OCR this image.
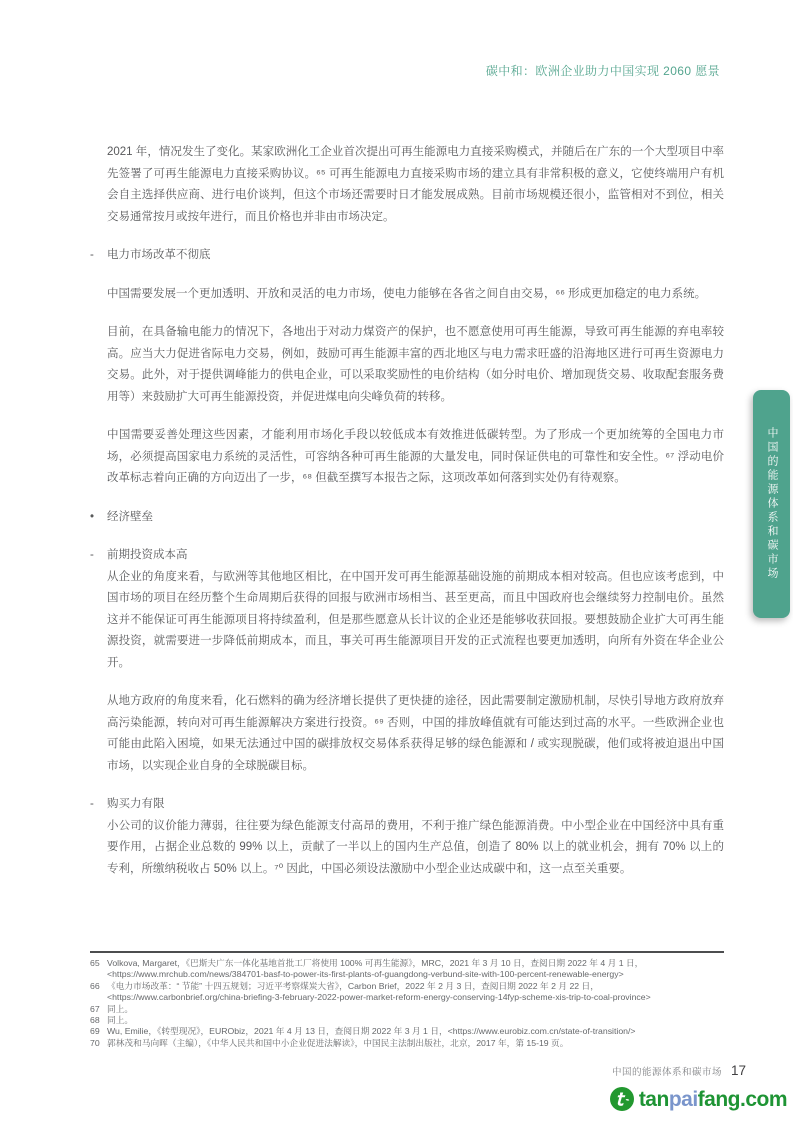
碳中和：欧洲企业助力中国实现 2060 愿景
2021 年，情况发生了变化。某家欧洲化工企业首次提出可再生能源电力直接采购模式，并随后在广东的一个大型项目中率先签署了可再生能源电力直接采购协议。⁶⁵ 可再生能源电力直接采购市场的建立具有非常积极的意义，它使终端用户有机会自主选择供应商、进行电价谈判，但这个市场还需要时日才能发展成熟。目前市场规模还很小，监管相对不到位，相关交易通常按月或按年进行，而且价格也并非由市场决定。
- 电力市场改革不彻底
中国需要发展一个更加透明、开放和灵活的电力市场，使电力能够在各省之间自由交易，⁶⁶ 形成更加稳定的电力系统。
目前，在具备输电能力的情况下，各地出于对动力煤资产的保护，也不愿意使用可再生能源，导致可再生能源的弃电率较高。应当大力促进省际电力交易，例如，鼓励可再生能源丰富的西北地区与电力需求旺盛的沿海地区进行可再生资源电力交易。此外，对于提供调峰能力的供电企业，可以采取奖励性的电价结构（如分时电价、增加现货交易、收取配套服务费用等）来鼓励扩大可再生能源投资，并促进煤电向尖峰负荷的转移。
中国需要妥善处理这些因素，才能利用市场化手段以较低成本有效推进低碳转型。为了形成一个更加统筹的全国电力市场，必须提高国家电力系统的灵活性，可容纳各种可再生能源的大量发电，同时保证供电的可靠性和安全性。⁶⁷ 浮动电价改革标志着向正确的方向迈出了一步，⁶⁸ 但截至撰写本报告之际，这项改革如何落到实处仍有待观察。
• 经济壁垒
- 前期投资成本高
从企业的角度来看，与欧洲等其他地区相比，在中国开发可再生能源基础设施的前期成本相对较高。但也应该考虑到，中国市场的项目在经历整个生命周期后获得的回报与欧洲市场相当、甚至更高，而且中国政府也会继续努力控制电价。虽然这并不能保证可再生能源项目将持续盈利，但是那些愿意从长计议的企业还是能够收获回报。要想鼓励企业扩大可再生能源投资，就需要进一步降低前期成本，而且，事关可再生能源项目开发的正式流程也要更加透明，向所有外资在华企业公开。
从地方政府的角度来看，化石燃料的确为经济增长提供了更快捷的途径，因此需要制定激励机制，尽快引导地方政府放弃高污染能源，转向对可再生能源解决方案进行投资。⁶⁹ 否则，中国的排放峰值就有可能达到过高的水平。一些欧洲企业也可能由此陷入困境，如果无法通过中国的碳排放权交易体系获得足够的绿色能源和 / 或实现脱碳，他们或将被迫退出中国市场，以实现企业自身的全球脱碳目标。
- 购买力有限
小公司的议价能力薄弱，往往要为绿色能源支付高昂的费用，不利于推广绿色能源消费。中小型企业在中国经济中具有重要作用，占据企业总数的 99% 以上，贡献了一半以上的国内生产总值，创造了 80% 以上的就业机会，拥有 70% 以上的专利，所缴纳税收占 50% 以上。⁷⁰ 因此，中国必须设法激励中小型企业达成碳中和，这一点至关重要。
中国的能源体系和碳市场
65 Volkova, Margaret，《巴斯夫广东一体化基地首批工厂将使用 100% 可再生能源》，MRC，2021 年 3 月 10 日，查阅日期 2022 年 4 月 1 日，<https://www.mrchub.com/news/384701-basf-to-power-its-first-plants-of-guangdong-verbund-site-with-100-percent-renewable-energy>
66 《电力市场改革：“ 节能” 十四五规划；习近平考察煤炭大省》，Carbon Brief，2022 年 2 月 3 日，查阅日期 2022 年 2 月 22 日，<https://www.carbonbrief.org/china-briefing-3-february-2022-power-market-reform-energy-conserving-14fyp-scheme-xis-trip-to-coal-province>
67 同上。
68 同上。
69 Wu, Emilie，《转型现况》，EURObiz，2021 年 4 月 13 日，查阅日期 2022 年 3 月 1 日，<https://www.eurobiz.com.cn/state-of-transition/>
70 郭林茂和马向晖（主编），《中华人民共和国中小企业促进法解读》，中国民主法制出版社，北京，2017 年，第 15-19 页。
中国的能源体系和碳市场 17
tanpaifang.com
